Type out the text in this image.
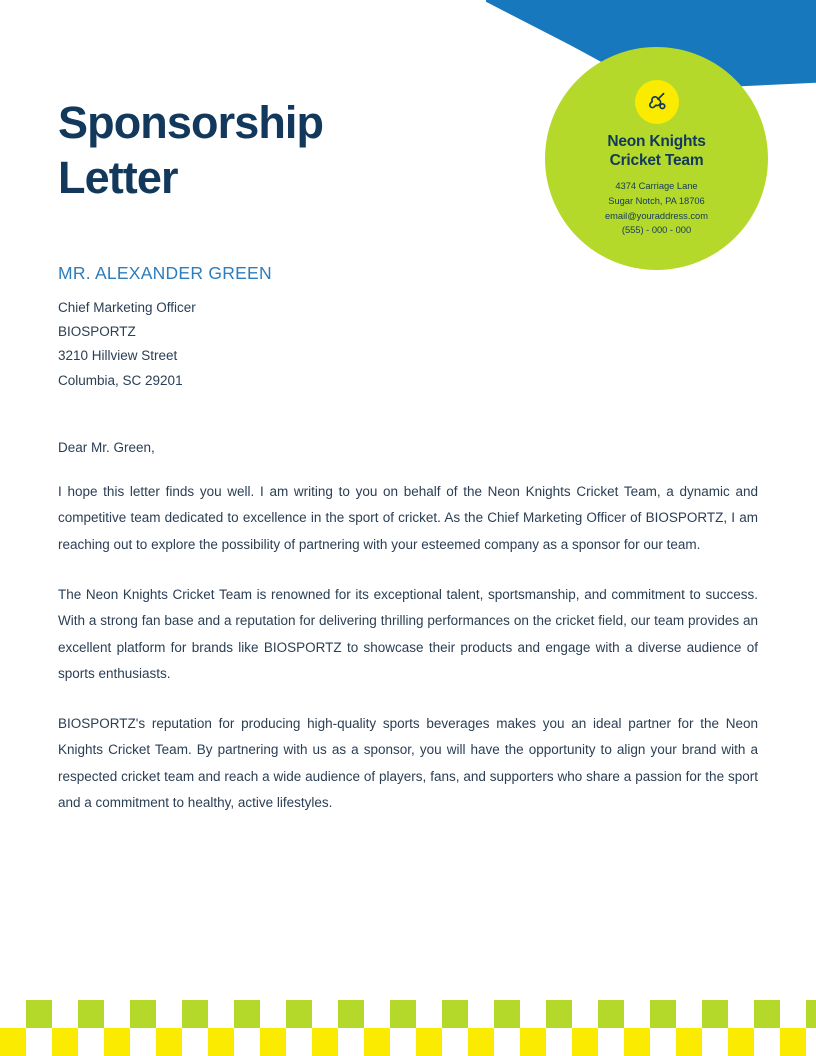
Neon Knights
Cricket Team
4374 Carriage Lane
Sugar Notch, PA 18706
email@youraddress.com
(555) - 000 - 000
Sponsorship
Letter
MR. ALEXANDER GREEN
Chief Marketing Officer
BIOSPORTZ
3210 Hillview Street
Columbia, SC 29201
Dear Mr. Green,

I hope this letter finds you well. I am writing to you on behalf of the Neon Knights Cricket Team, a dynamic and competitive team dedicated to excellence in the sport of cricket. As the Chief Marketing Officer of BIOSPORTZ, I am reaching out to explore the possibility of partnering with your esteemed company as a sponsor for our team.

The Neon Knights Cricket Team is renowned for its exceptional talent, sportsmanship, and commitment to success. With a strong fan base and a reputation for delivering thrilling performances on the cricket field, our team provides an excellent platform for brands like BIOSPORTZ to showcase their products and engage with a diverse audience of sports enthusiasts.

BIOSPORTZ's reputation for producing high-quality sports beverages makes you an ideal partner for the Neon Knights Cricket Team. By partnering with us as a sponsor, you will have the opportunity to align your brand with a respected cricket team and reach a wide audience of players, fans, and supporters who share a passion for the sport and a commitment to healthy, active lifestyles.
